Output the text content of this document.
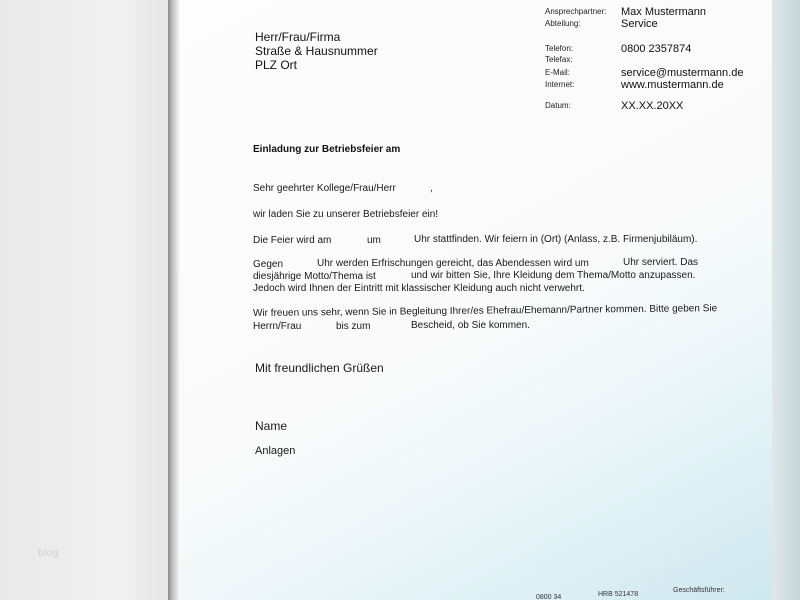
blog
Herr/Frau/Firma
Straße & Hausnummer
PLZ Ort
Ansprechpartner: Max Mustermann
Abteilung:	Service
Telefon:	0800 2357874
Telefax:
E-Mail:	service@mustermann.de
Internet:	www.mustermann.de
Datum:	XX.XX.20XX
Einladung zur Betriebsfeier am
Sehr geehrter Kollege/Frau/Herr	,
wir laden Sie zu unserer Betriebsfeier ein!
Die Feier wird am	um	Uhr stattfinden. Wir feiern in (Ort) (Anlass, z.B. Firmenjubiläum).
Gegen	Uhr werden Erfrischungen gereicht, das Abendessen wird um	Uhr serviert. Das
diesjährige Motto/Thema ist	und wir bitten Sie, Ihre Kleidung dem Thema/Motto anzupassen.
Jedoch wird Ihnen der Eintritt mit klassischer Kleidung auch nicht verwehrt.
Wir freuen uns sehr, wenn Sie in Begleitung Ihrer/es Ehefrau/Ehemann/Partner kommen. Bitte geben Sie
Herrn/Frau	bis zum	Bescheid, ob Sie kommen.
Mit freundlichen Grüßen
Name
Anlagen
0800 34	HRB 521478
Geschäftsführer:
